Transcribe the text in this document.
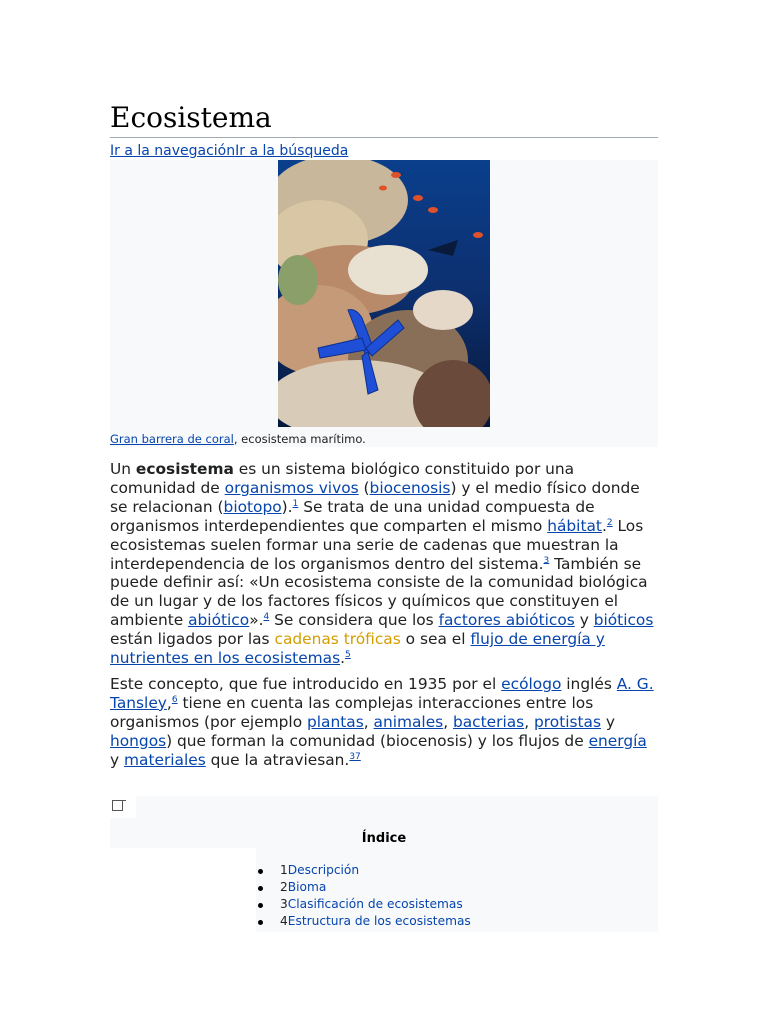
Ecosistema
Ir a la navegaciónIr a la búsqueda
Gran barrera de coral, ecosistema marítimo.

Un ecosistema es un sistema biológico constituido por una comunidad de organismos vivos (biocenosis) y el medio físico donde se relacionan (biotopo).$^1$ Se trata de una unidad compuesta de organismos interdependientes que comparten el mismo hábitat.$^2$ Los ecosistemas suelen formar una serie de cadenas que muestran la interdependencia de los organismos dentro del sistema.$^3$ También se puede definir así: «Un ecosistema consiste de la comunidad biológica de un lugar y de los factores físicos y químicos que constituyen el ambiente abiótico».$^4$ Se considera que los factores abióticos y bióticos están ligados por las cadenas tróficas o sea el flujo de energía y nutrientes en los ecosistemas.$^5$

Este concepto, que fue introducido en 1935 por el ecólogo inglés A. G. Tansley,$^6$ tiene en cuenta las complejas interacciones entre los organismos (por ejemplo plantas, animales, bacterias, protistas y hongos) que forman la comunidad (biocenosis) y los flujos de energía y materiales que la atraviesan.$^{37}$

Índice
1Descripción
2Bioma
3Clasificación de ecosistemas
4Estructura de los ecosistemas
